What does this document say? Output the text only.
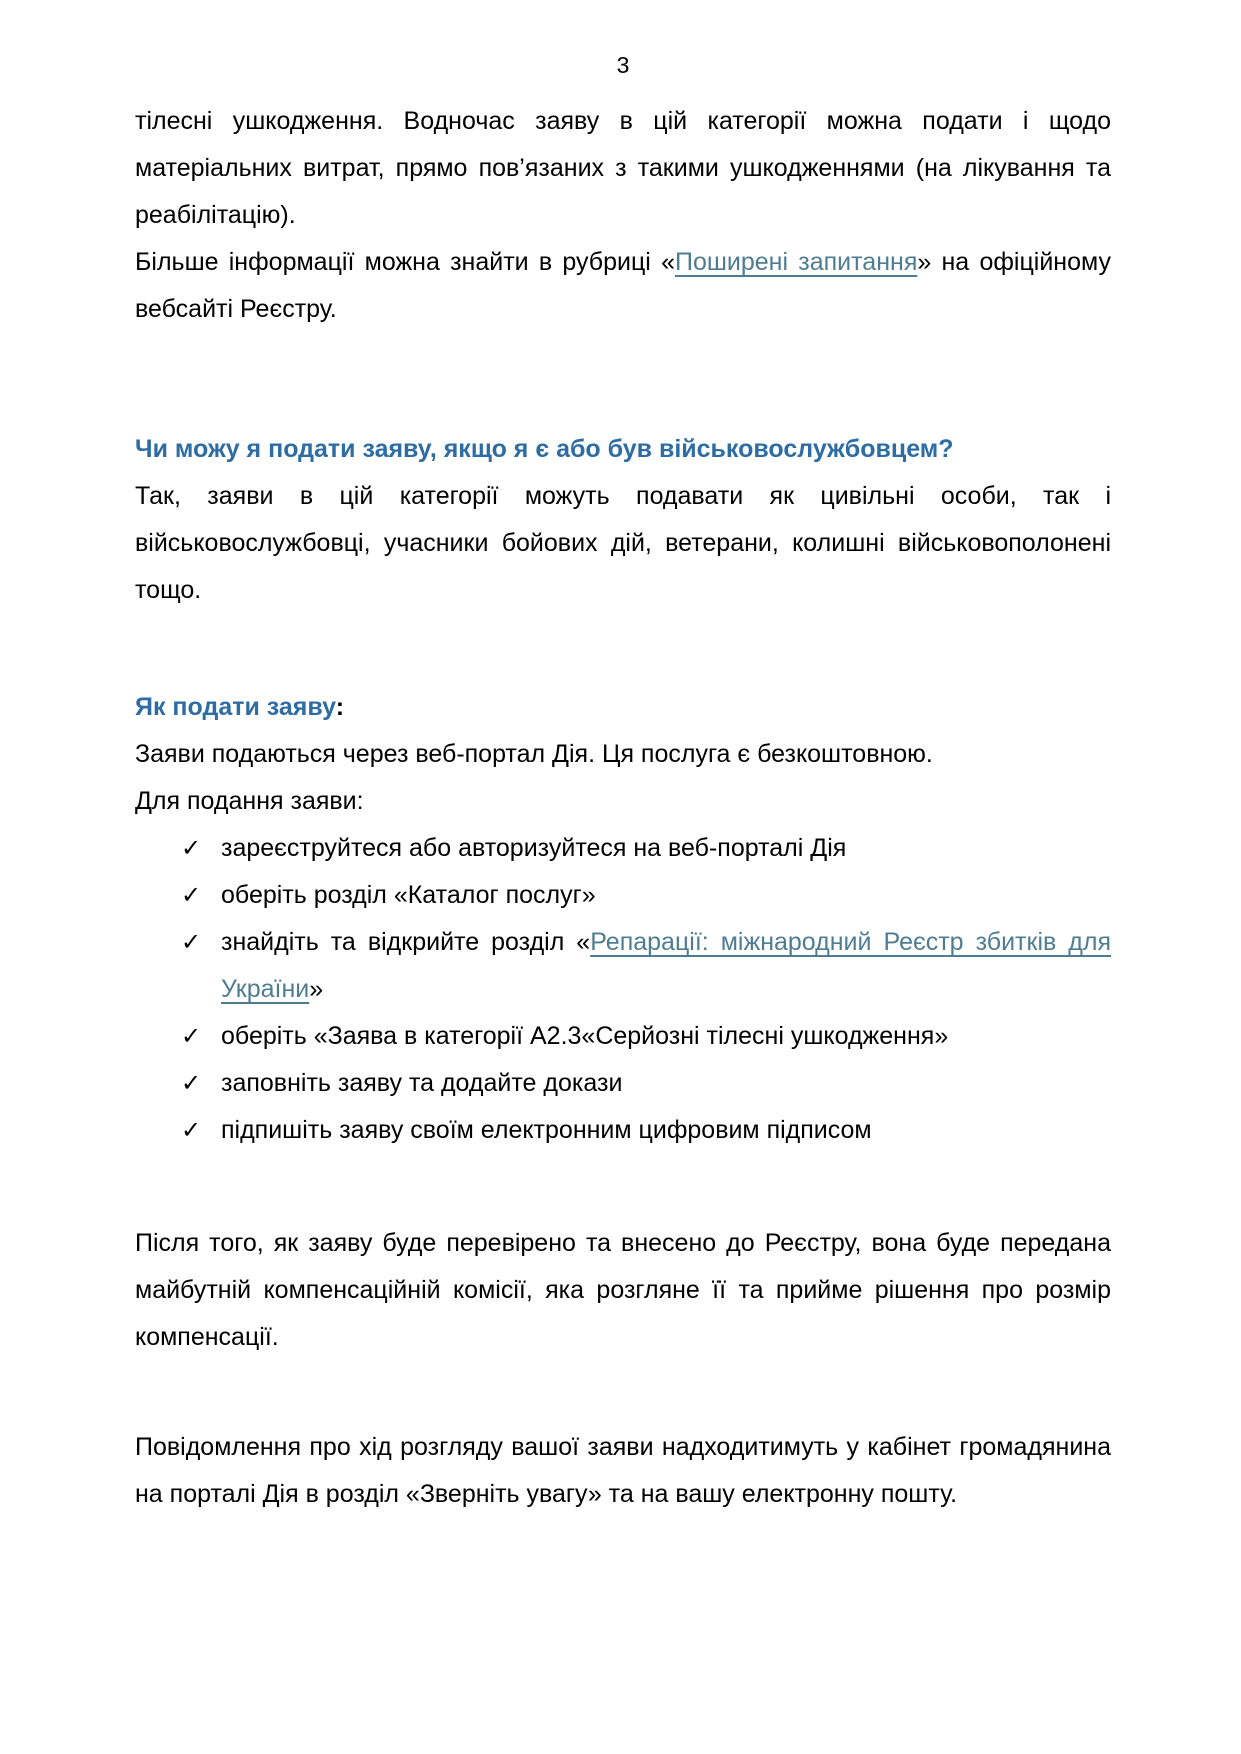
3

тілесні ушкодження. Водночас заяву в цій категорії можна подати і щодо матеріальних витрат, прямо пов’язаних з такими ушкодженнями (на лікування та реабілітацію).

Більше інформації можна знайти в рубриці «Поширені запитання» на офіційному вебсайті Реєстру.

Чи можу я подати заяву, якщо я є або був військовослужбовцем?

Так, заяви в цій категорії можуть подавати як цивільні особи, так і військовослужбовці, учасники бойових дій, ветерани, колишні військовополонені тощо.

Як подати заяву:

Заяви подаються через веб-портал Дія. Ця послуга є безкоштовною.

Для подання заяви:

✓ зареєструйтеся або авторизуйтеся на веб-порталі Дія
✓ оберіть розділ «Каталог послуг»
✓ знайдіть та відкрийте розділ «Репарації: міжнародний Реєстр збитків для України»
✓ оберіть «Заява в категорії А2.3«Серйозні тілесні ушкодження»
✓ заповніть заяву та додайте докази
✓ підпишіть заяву своїм електронним цифровим підписом

Після того, як заяву буде перевірено та внесено до Реєстру, вона буде передана майбутній компенсаційній комісії, яка розгляне її та прийме рішення про розмір компенсації.

Повідомлення про хід розгляду вашої заяви надходитимуть у кабінет громадянина на порталі Дія в розділ «Зверніть увагу» та на вашу електронну пошту.
